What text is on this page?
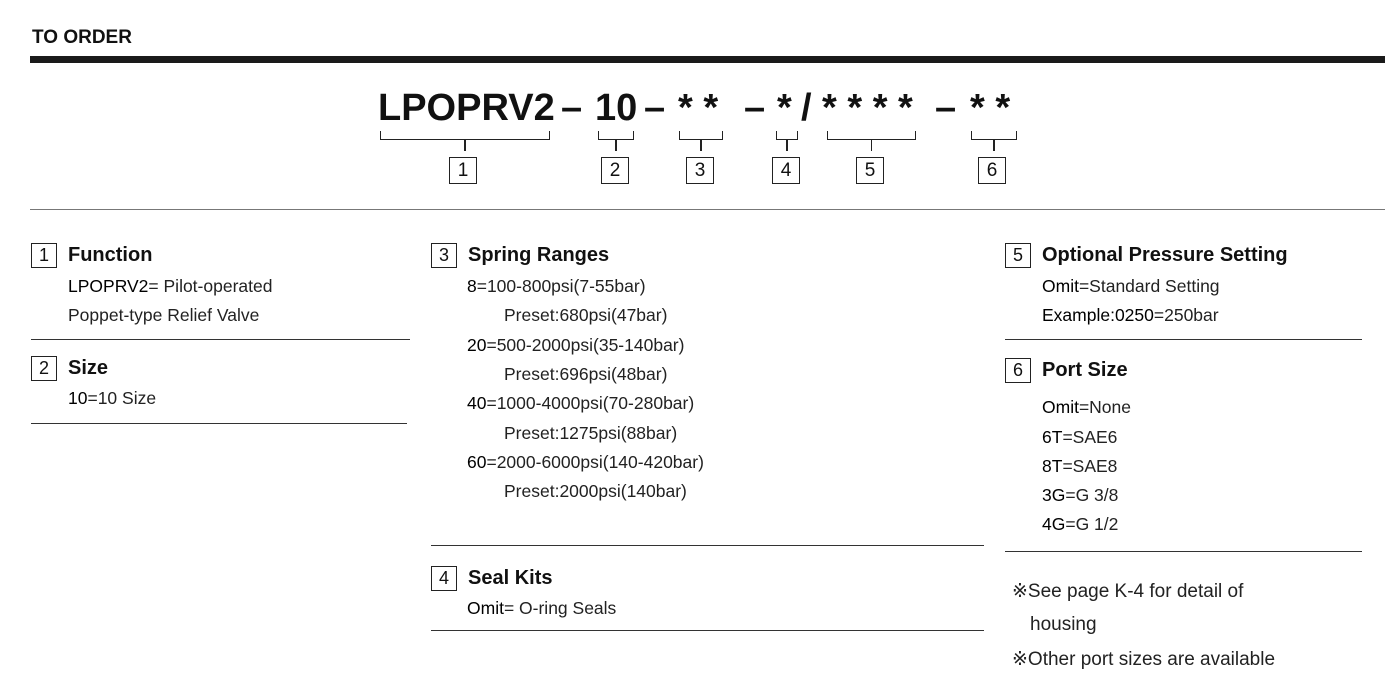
TO ORDER
LPOPRV2 – 10 – * * – * / * * * * – * *
1	2	3	4	5	6
1 Function
LPOPRV2= Pilot-operated
Poppet-type Relief Valve
2 Size
10=10 Size
3 Spring Ranges
8=100-800psi(7-55bar)
Preset:680psi(47bar)
20=500-2000psi(35-140bar)
Preset:696psi(48bar)
40=1000-4000psi(70-280bar)
Preset:1275psi(88bar)
60=2000-6000psi(140-420bar)
Preset:2000psi(140bar)
4 Seal Kits
Omit= O-ring Seals
5 Optional Pressure Setting
Omit=Standard Setting
Example:0250=250bar
6 Port Size
Omit=None
6T=SAE6
8T=SAE8
3G=G 3/8
4G=G 1/2
※See page K-4 for detail of
housing
※Other port sizes are available
